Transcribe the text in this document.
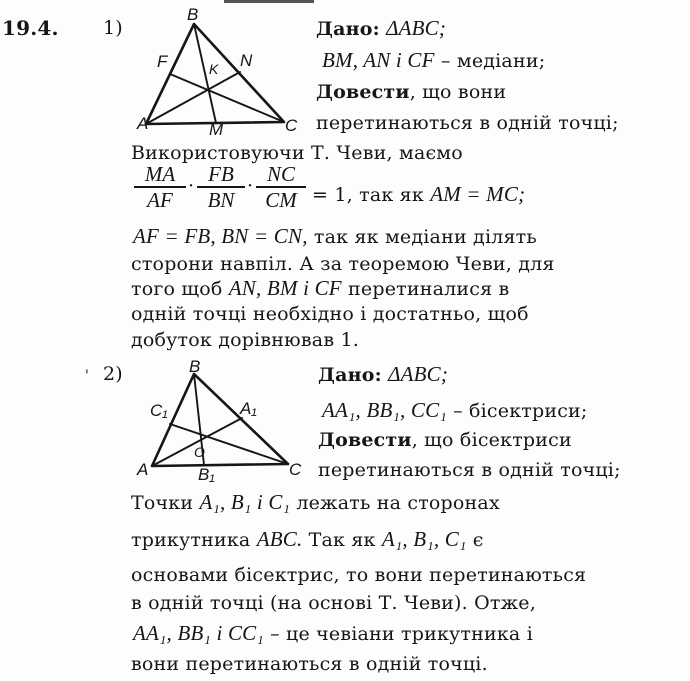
19.4. 1)
B
F	N
K
A	M	C
Дано: ΔABC;
BM, AN і CF – медіани;
Довести, що вони
перетинаються в одній точці;
Використовуючи Т. Чеви, маємо
MA
AF
· FB
BN
· NC
CM = 1, так як AM = MC;
AF = FB, BN = CN, так як медіани ділять
сторони навпіл. А за теоремою Чеви, для
того щоб AN, BM і CF перетиналися в
одній точці необхідно і достатньо, щоб
добуток дорівнював 1.
' 2)	B
C₁	A₁
O
A	B₁	C
Дано: ΔABC;
AA₁, BB₁, CC₁ – бісектриси;
Довести, що бісектриси
перетинаються в одній точці;
Точки A₁, B₁ і C₁ лежать на сторонах
трикутника ABC. Так як A₁, B₁, C₁ є
основами бісектрис, то вони перетинаються
в одній точці (на основі Т. Чеви). Отже,
AA₁, BB₁ і CC₁ – це чевіани трикутника і
вони перетинаються в одній точці.
